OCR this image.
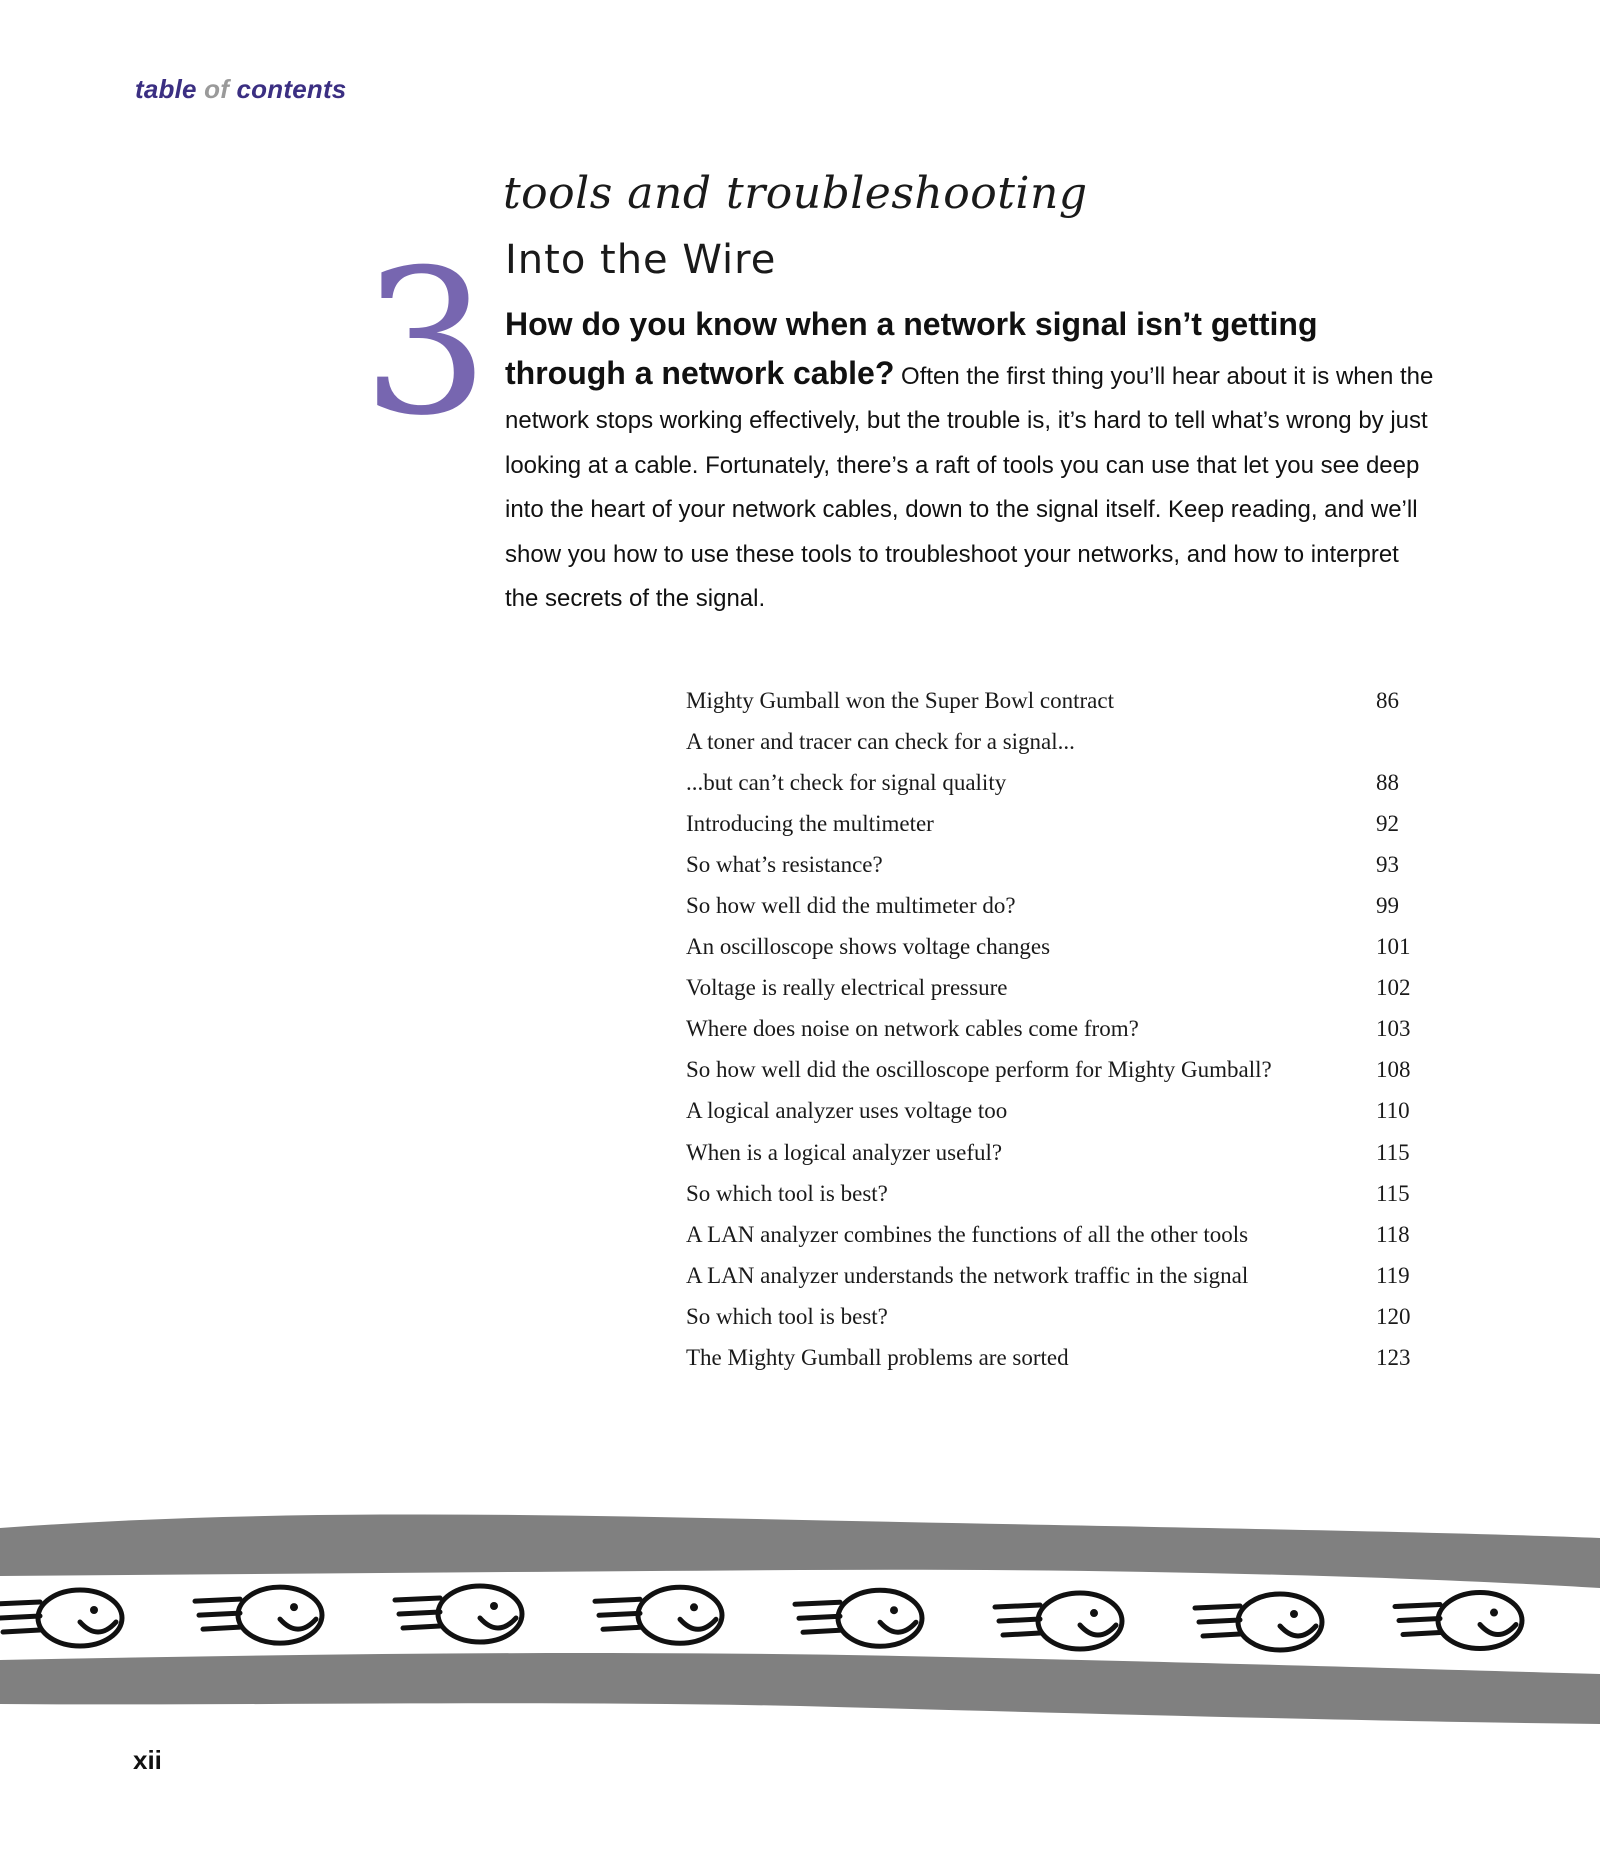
table of contents
3
tools and troubleshooting
Into the Wire
How do you know when a network signal isn’t getting through a network cable? Often the first thing you’ll hear about it is when the network stops working effectively, but the trouble is, it’s hard to tell what’s wrong by just looking at a cable. Fortunately, there’s a raft of tools you can use that let you see deep into the heart of your network cables, down to the signal itself. Keep reading, and we’ll show you how to use these tools to troubleshoot your networks, and how to interpret the secrets of the signal.
Mighty Gumball won the Super Bowl contract	86
A toner and tracer can check for a signal...
...but can’t check for signal quality	88
Introducing the multimeter	92
So what’s resistance?	93
So how well did the multimeter do?	99
An oscilloscope shows voltage changes	101
Voltage is really electrical pressure	102
Where does noise on network cables come from?	103
So how well did the oscilloscope perform for Mighty Gumball?	108
A logical analyzer uses voltage too	110
When is a logical analyzer useful?	115
So which tool is best?	115
A LAN analyzer combines the functions of all the other tools	118
A LAN analyzer understands the network traffic in the signal	119
So which tool is best?	120
The Mighty Gumball problems are sorted	123
xii
